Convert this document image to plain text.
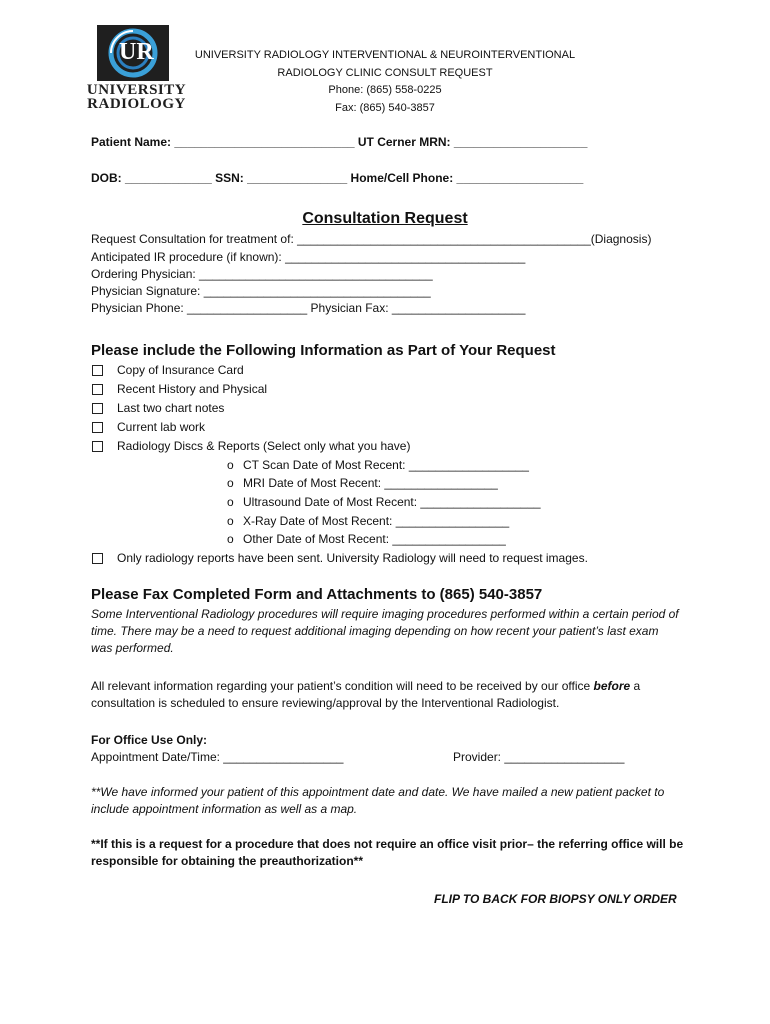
UR
UNIVERSITY
RADIOLOGY
UNIVERSITY RADIOLOGY INTERVENTIONAL & NEUROINTERVENTIONAL
RADIOLOGY CLINIC CONSULT REQUEST
Phone: (865) 558-0225
Fax: (865) 540-3857
Patient Name: ___________________________ UT Cerner MRN: ____________________
DOB: _____________ SSN: _______________ Home/Cell Phone: ___________________
Consultation Request
Request Consultation for treatment of: ____________________________________________(Diagnosis)
Anticipated IR procedure (if known): ____________________________________
Ordering Physician: ___________________________________
Physician Signature: __________________________________
Physician Phone: __________________ Physician Fax: ____________________
Please include the Following Information as Part of Your Request
Copy of Insurance Card
Recent History and Physical
Last two chart notes
Current lab work
Radiology Discs & Reports (Select only what you have)
o CT Scan Date of Most Recent: __________________
o MRI Date of Most Recent: _________________
o Ultrasound Date of Most Recent: __________________
o X-Ray Date of Most Recent: _________________
o Other Date of Most Recent: _________________
Only radiology reports have been sent. University Radiology will need to request images.
Please Fax Completed Form and Attachments to (865) 540-3857
Some Interventional Radiology procedures will require imaging procedures performed within a certain period of time. There may be a need to request additional imaging depending on how recent your patient’s last exam was performed.
All relevant information regarding your patient’s condition will need to be received by our office before a consultation is scheduled to ensure reviewing/approval by the Interventional Radiologist.
For Office Use Only:
Appointment Date/Time: __________________	Provider: __________________
**We have informed your patient of this appointment date and date. We have mailed a new patient packet to include appointment information as well as a map.
**If this is a request for a procedure that does not require an office visit prior– the referring office will be responsible for obtaining the preauthorization**
FLIP TO BACK FOR BIOPSY ONLY ORDER
